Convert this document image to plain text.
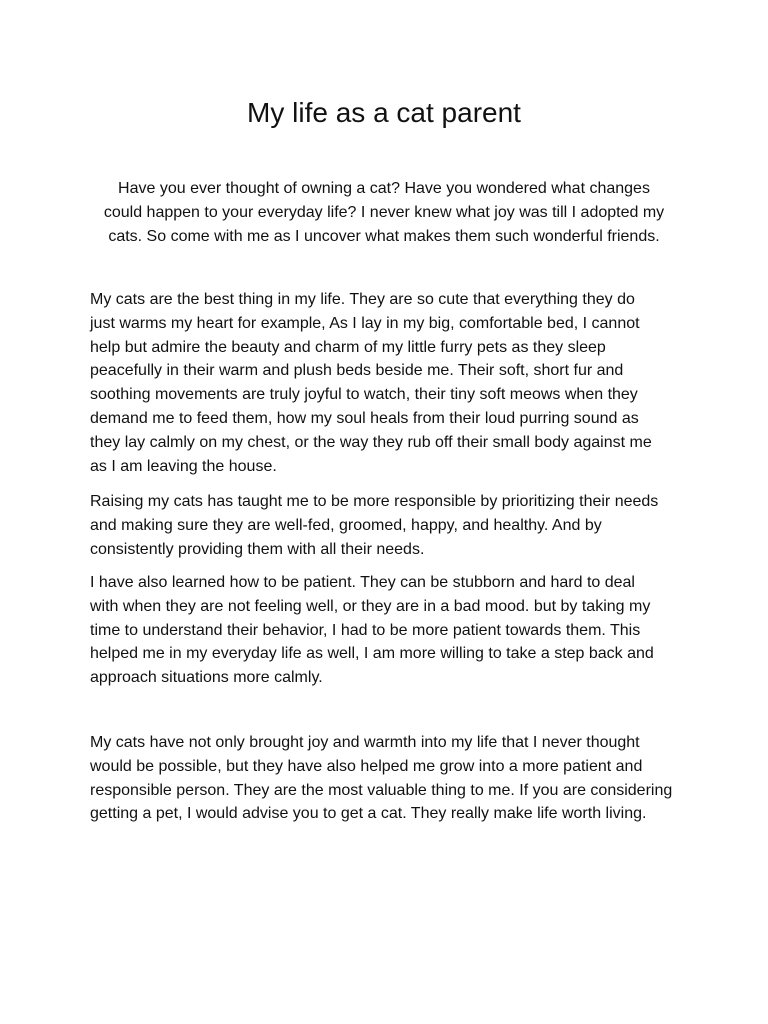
My life as a cat parent

Have you ever thought of owning a cat? Have you wondered what changes
could happen to your everyday life? I never knew what joy was till I adopted my
cats. So come with me as I uncover what makes them such wonderful friends.

My cats are the best thing in my life. They are so cute that everything they do
just warms my heart for example, As I lay in my big, comfortable bed, I cannot
help but admire the beauty and charm of my little furry pets as they sleep
peacefully in their warm and plush beds beside me. Their soft, short fur and
soothing movements are truly joyful to watch, their tiny soft meows when they
demand me to feed them, how my soul heals from their loud purring sound as
they lay calmly on my chest, or the way they rub off their small body against me
as I am leaving the house.

Raising my cats has taught me to be more responsible by prioritizing their needs
and making sure they are well-fed, groomed, happy, and healthy. And by
consistently providing them with all their needs.

I have also learned how to be patient. They can be stubborn and hard to deal
with when they are not feeling well, or they are in a bad mood. but by taking my
time to understand their behavior, I had to be more patient towards them. This
helped me in my everyday life as well, I am more willing to take a step back and
approach situations more calmly.

My cats have not only brought joy and warmth into my life that I never thought
would be possible, but they have also helped me grow into a more patient and
responsible person. They are the most valuable thing to me. If you are considering
getting a pet, I would advise you to get a cat. They really make life worth living.
